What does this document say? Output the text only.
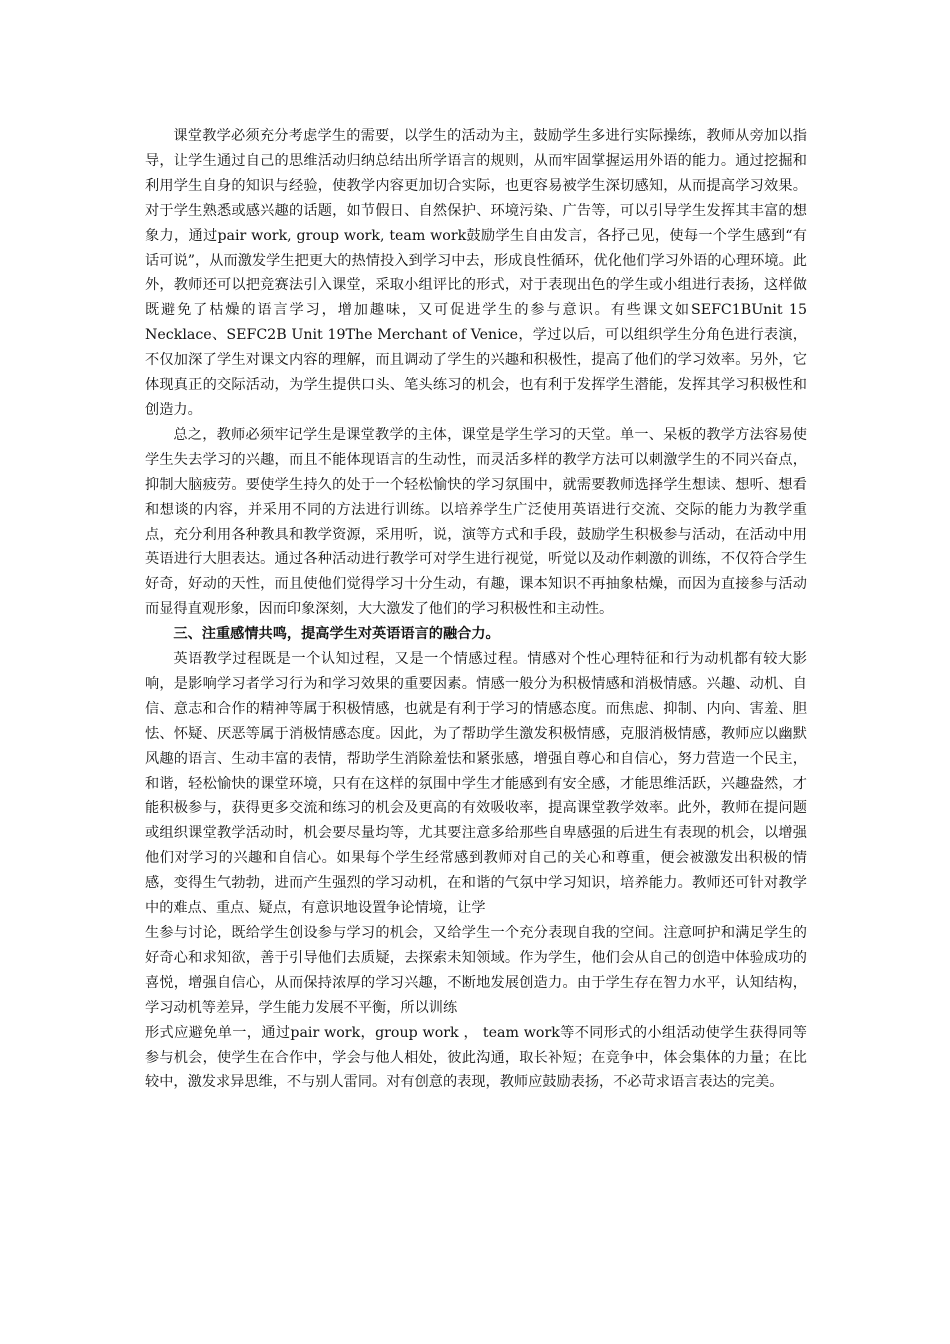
课堂教学必须充分考虑学生的需要，以学生的活动为主，鼓励学生多进行实际操练，教师从旁加以指导，让学生通过自己的思维活动归纳总结出所学语言的规则，从而牢固掌握运用外语的能力。通过挖掘和利用学生自身的知识与经验，使教学内容更加切合实际，也更容易被学生深切感知，从而提高学习效果。对于学生熟悉或感兴趣的话题，如节假日、自然保护、环境污染、广告等，可以引导学生发挥其丰富的想象力，通过pair work, group work, team work鼓励学生自由发言，各抒己见，使每一个学生感到“有话可说”，从而激发学生把更大的热情投入到学习中去，形成良性循环，优化他们学习外语的心理环境。此外，教师还可以把竞赛法引入课堂，采取小组评比的形式，对于表现出色的学生或小组进行表扬，这样做既避免了枯燥的语言学习，增加趣味，又可促进学生的参与意识。有些课文如SEFC1BUnit 15 Necklace、SEFC2B Unit 19The Merchant of Venice，学过以后，可以组织学生分角色进行表演，不仅加深了学生对课文内容的理解，而且调动了学生的兴趣和积极性，提高了他们的学习效率。另外，它体现真正的交际活动，为学生提供口头、笔头练习的机会，也有利于发挥学生潜能，发挥其学习积极性和创造力。

总之，教师必须牢记学生是课堂教学的主体，课堂是学生学习的天堂。单一、呆板的教学方法容易使学生失去学习的兴趣，而且不能体现语言的生动性，而灵活多样的教学方法可以刺激学生的不同兴奋点，抑制大脑疲劳。要使学生持久的处于一个轻松愉快的学习氛围中，就需要教师选择学生想读、想听、想看和想谈的内容，并采用不同的方法进行训练。以培养学生广泛使用英语进行交流、交际的能力为教学重点，充分利用各种教具和教学资源，采用听，说，演等方式和手段，鼓励学生积极参与活动，在活动中用英语进行大胆表达。通过各种活动进行教学可对学生进行视觉，听觉以及动作刺激的训练，不仅符合学生好奇，好动的天性，而且使他们觉得学习十分生动，有趣，课本知识不再抽象枯燥，而因为直接参与活动而显得直观形象，因而印象深刻，大大激发了他们的学习积极性和主动性。

三、注重感情共鸣，提高学生对英语语言的融合力。

英语教学过程既是一个认知过程，又是一个情感过程。情感对个性心理特征和行为动机都有较大影响，是影响学习者学习行为和学习效果的重要因素。情感一般分为积极情感和消极情感。兴趣、动机、自信、意志和合作的精神等属于积极情感，也就是有利于学习的情感态度。而焦虑、抑制、内向、害羞、胆怯、怀疑、厌恶等属于消极情感态度。因此，为了帮助学生激发积极情感，克服消极情感，教师应以幽默风趣的语言、生动丰富的表情，帮助学生消除羞怯和紧张感，增强自尊心和自信心，努力营造一个民主，和谐，轻松愉快的课堂环境，只有在这样的氛围中学生才能感到有安全感，才能思维活跃，兴趣盎然，才能积极参与，获得更多交流和练习的机会及更高的有效吸收率，提高课堂教学效率。此外，教师在提问题或组织课堂教学活动时，机会要尽量均等，尤其要注意多给那些自卑感强的后进生有表现的机会，以增强他们对学习的兴趣和自信心。如果每个学生经常感到教师对自己的关心和尊重，便会被激发出积极的情感，变得生气勃勃，进而产生强烈的学习动机，在和谐的气氛中学习知识，培养能力。教师还可针对教学中的难点、重点、疑点，有意识地设置争论情境，让学

生参与讨论，既给学生创设参与学习的机会，又给学生一个充分表现自我的空间。注意呵护和满足学生的好奇心和求知欲，善于引导他们去质疑，去探索未知领域。作为学生，他们会从自己的创造中体验成功的喜悦，增强自信心，从而保持浓厚的学习兴趣，不断地发展创造力。由于学生存在智力水平，认知结构，学习动机等差异，学生能力发展不平衡，所以训练

形式应避免单一，通过pair work，group work ， team work等不同形式的小组活动使学生获得同等参与机会，使学生在合作中，学会与他人相处，彼此沟通，取长补短；在竞争中，体会集体的力量；在比较中，激发求异思维，不与别人雷同。对有创意的表现，教师应鼓励表扬，不必苛求语言表达的完美。
